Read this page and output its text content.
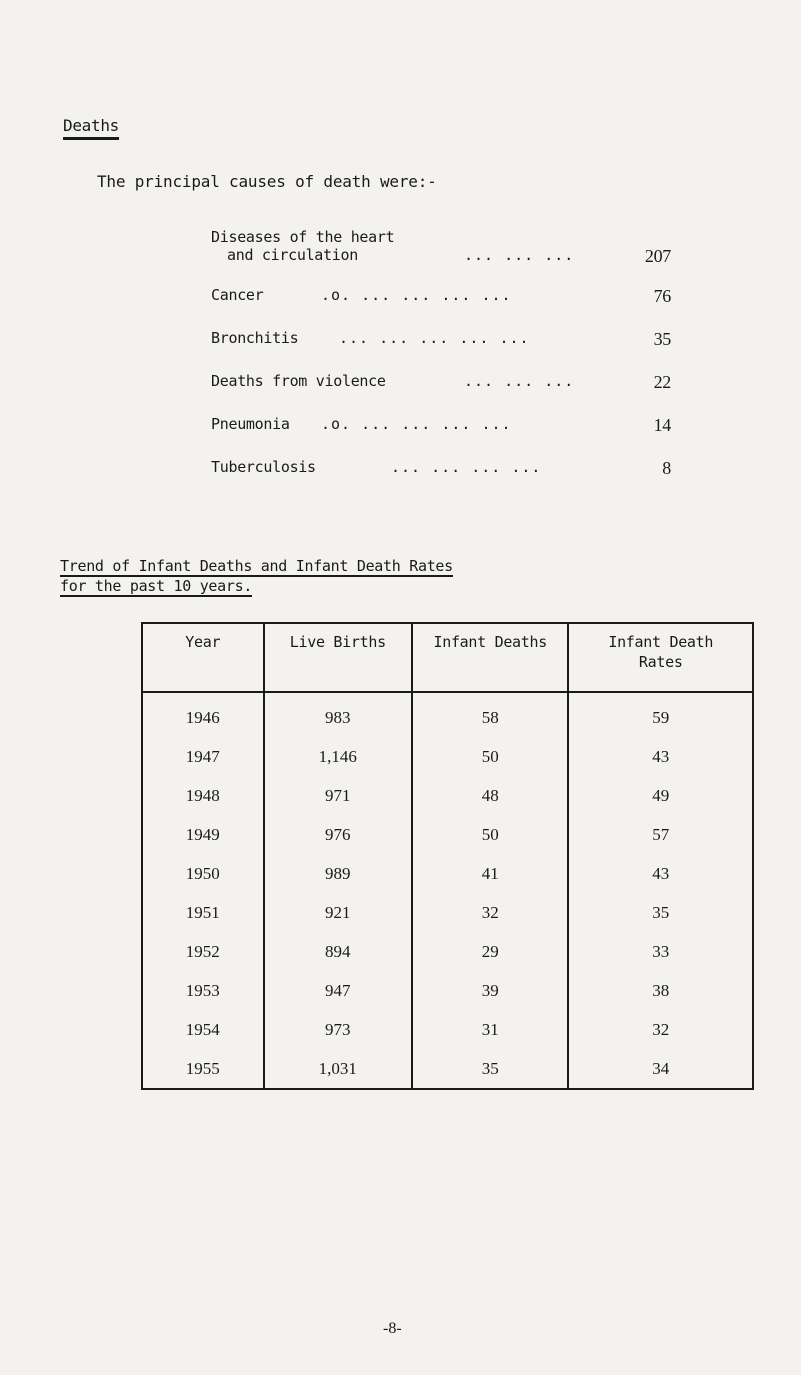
Deaths
The principal causes of death were:-
Diseases of the heart
and circulation	... ... ...	207
Cancer	.o. ... ... ... ...	76
Bronchitis	... ... ... ... ...	35
Deaths from violence	... ... ...	22
Pneumonia .o. ... ... ... ...	14
Tuberculosis	... ... ... ...	8
Trend of Infant Deaths and Infant Death Rates
for the past 10 years.
Year	Live Births	Infant Deaths	Infant Death Rates
1946	983	58	59
1947	1,146	50	43
1948	971	48	49
1949	976	50	57
1950	989	41	43
1951	921	32	35
1952	894	29	33
1953	947	39	38
1954	973	31	32
1955	1,031	35	34
-8-
